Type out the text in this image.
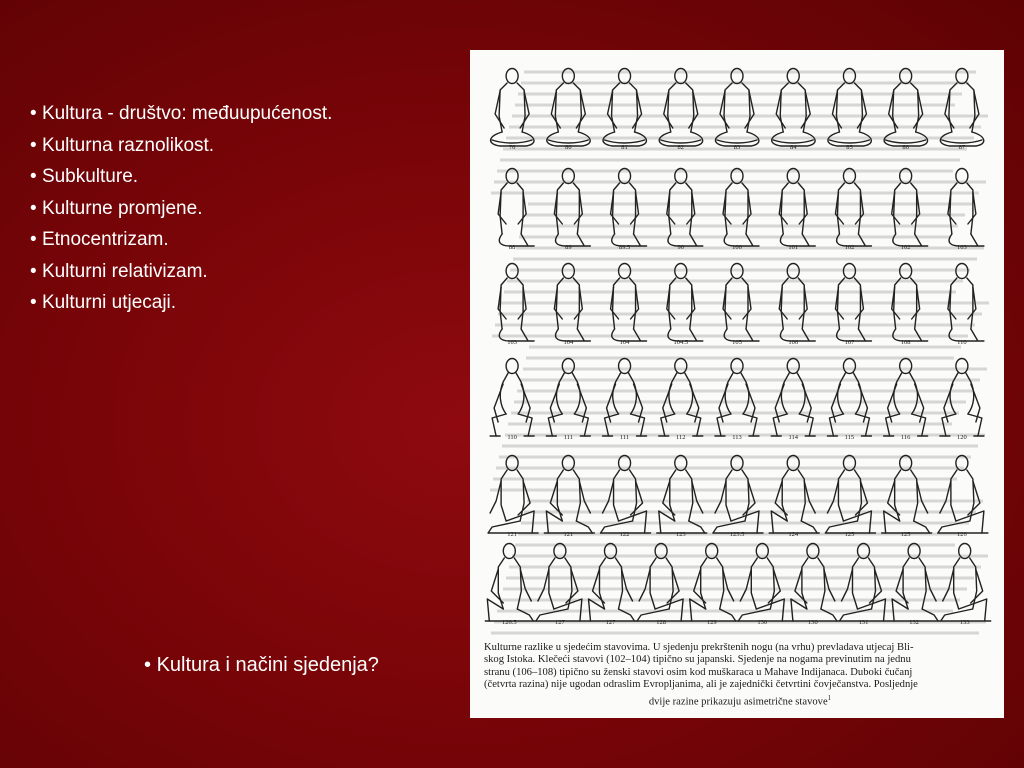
• Kultura - društvo: međuupućenost.
• Kulturna raznolikost.
• Subkulture.
• Kulturne promjene.
• Etnocentrizam.
• Kulturni relativizam.
• Kulturni utjecaji.
• Kultura i načini sjedenja?
76	80	81	82	83	84	85	86	87
88	89	89.5	90	100	101	102	102	103
103	104	104	104.5	105	106	107	108	110
110	111	111	112	113	114	115	116	120
121	121	122	123	123.5	124	125	125	126
126.5	127	127	128	129	130	130	131	132	133
Kulturne razlike u sjedećim stavovima. U sjedenju prekrštenih nogu (na vrhu) prevladava utjecaj Bli-
skog Istoka. Klečeći stavovi (102–104) tipično su japanski. Sjedenje na nogama previnutim na jednu
stranu (106–108) tipično su ženski stavovi osim kod muškaraca u Mahave Indijanaca. Duboki čučanj
(četvrta razina) nije ugodan odraslim Evropljanima, ali je zajednički četvrtini čovječanstva. Posljednje
dvije razine prikazuju asimetrične stavove$^1$
